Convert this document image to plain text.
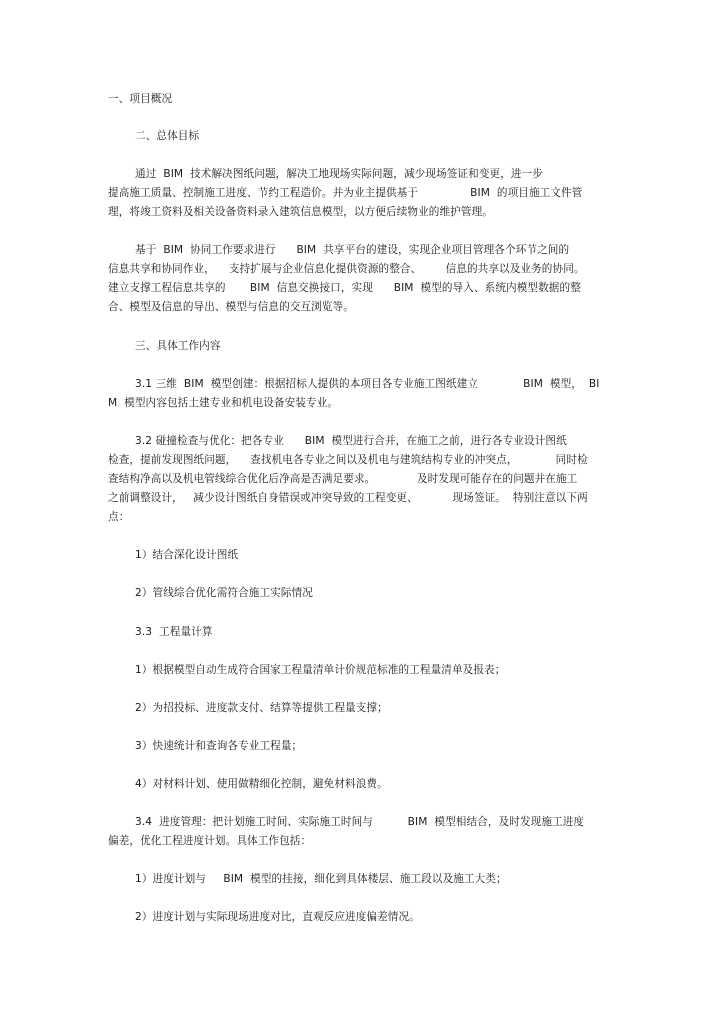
一、项目概况
二、总体目标
通过  BIM  技术解决图纸问题，解决工地现场实际问题，减少现场签证和变更，进一步
提高施工质量、控制施工进度、节约工程造价。并为业主提供基于               BIM  的项目施工文件管
理，将竣工资料及相关设备资料录入建筑信息模型，以方便后续物业的维护管理。
基于  BIM  协同工作要求进行      BIM  共享平台的建设，实现企业项目管理各个环节之间的
信息共享和协同作业，    支持扩展与企业信息化提供资源的整合、       信息的共享以及业务的协同。
建立支撑工程信息共享的       BIM  信息交换接口，实现      BIM  模型的导入、系统内模型数据的整
合、模型及信息的导出、模型与信息的交互浏览等。
三、具体工作内容
3.1 三维  BIM  模型创建：根据招标人提供的本项目各专业施工图纸建立             BIM  模型，  BI
M  模型内容包括土建专业和机电设备安装专业。
3.2 碰撞检查与优化：把各专业      BIM  模型进行合并，在施工之前，进行各专业设计图纸
检查，提前发现图纸问题，    查找机电各专业之间以及机电与建筑结构专业的冲突点，           同时检
查结构净高以及机电管线综合优化后净高是否满足要求。            及时发现可能存在的问题并在施工
之前调整设计，   减少设计图纸自身错误或冲突导致的工程变更、          现场签证。  特别注意以下两
点：
1）结合深化设计图纸
2）管线综合优化需符合施工实际情况
3.3  工程量计算
1）根据模型自动生成符合国家工程量清单计价规范标准的工程量清单及报表；
2）为招投标、进度款支付、结算等提供工程量支撑；
3）快速统计和查询各专业工程量；
4）对材料计划、使用做精细化控制，避免材料浪费。
3.4  进度管理：把计划施工时间、实际施工时间与          BIM  模型相结合，及时发现施工进度
偏差，优化工程进度计划。具体工作包括：
1）进度计划与     BIM  模型的挂接，细化到具体楼层、施工段以及施工大类；
2）进度计划与实际现场进度对比，直观反应进度偏差情况。
